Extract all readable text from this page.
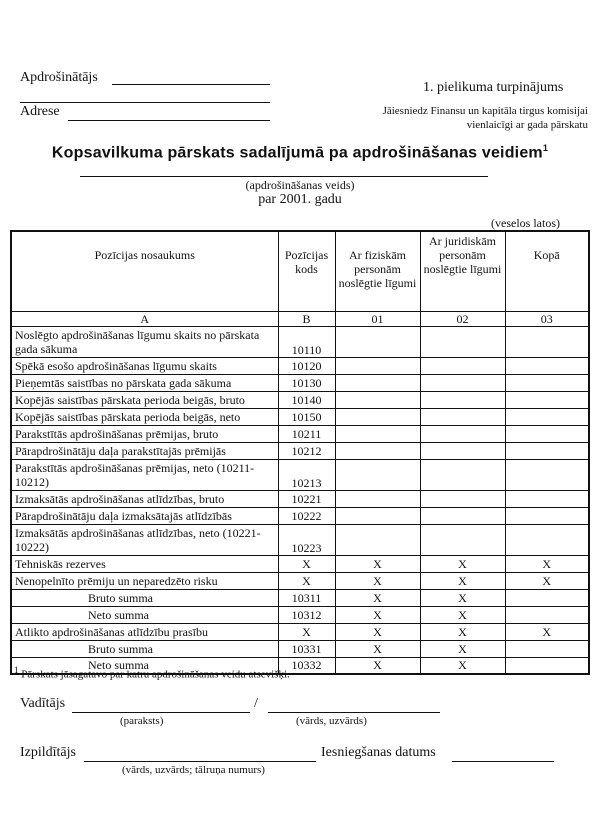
Apdrošinātājs
Adrese
1. pielikuma turpinājums
Jāiesniedz Finansu un kapitāla tirgus komisijai
vienlaicīgi ar gada pārskatu
Kopsavilkuma pārskats sadalījumā pa apdrošināšanas veidiem$^1$
(apdrošināšanas veids)
par 2001. gadu
(veselos latos)
Pozīcijas nosaukums	Pozīcijas kods	Ar fiziskām personām noslēgtie līgumi	Ar juridiskām personām noslēgtie līgumi	Kopā
A	B	01	02	03
Noslēgto apdrošināšanas līgumu skaits no pārskata gada sākuma	10110			
Spēkā esošo apdrošināšanas līgumu skaits	10120			
Pieņemtās saistības no pārskata gada sākuma	10130			
Kopējās saistības pārskata perioda beigās, bruto	10140			
Kopējās saistības pārskata perioda beigās, neto	10150			
Parakstītās apdrošināšanas prēmijas, bruto	10211			
Pārapdrošinātāju daļa parakstītajās prēmijās	10212			
Parakstītās apdrošināšanas prēmijas, neto (10211-10212)	10213			
Izmaksātās apdrošināšanas atlīdzības, bruto	10221			
Pārapdrošinātāju daļa izmaksātajās atlīdzībās	10222			
Izmaksātās apdrošināšanas atlīdzības, neto (10221-10222)	10223			
Tehniskās rezerves	X	X	X	X
Nenopelnīto prēmiju un neparedzēto risku	X	X	X	X
Bruto summa	10311	X	X	
Neto summa	10312	X	X	
Atlikto apdrošināšanas atlīdzību prasību	X	X	X	X
Bruto summa	10331	X	X	
Neto summa	10332	X	X	
$^1$ Pārskats jāsagatavo par katru apdrošināšanas veidu atsevišķi.
Vadītājs	/
(paraksts)	(vārds, uzvārds)
Izpildītājs	Iesniegšanas datums
(vārds, uzvārds; tālruņa numurs)
